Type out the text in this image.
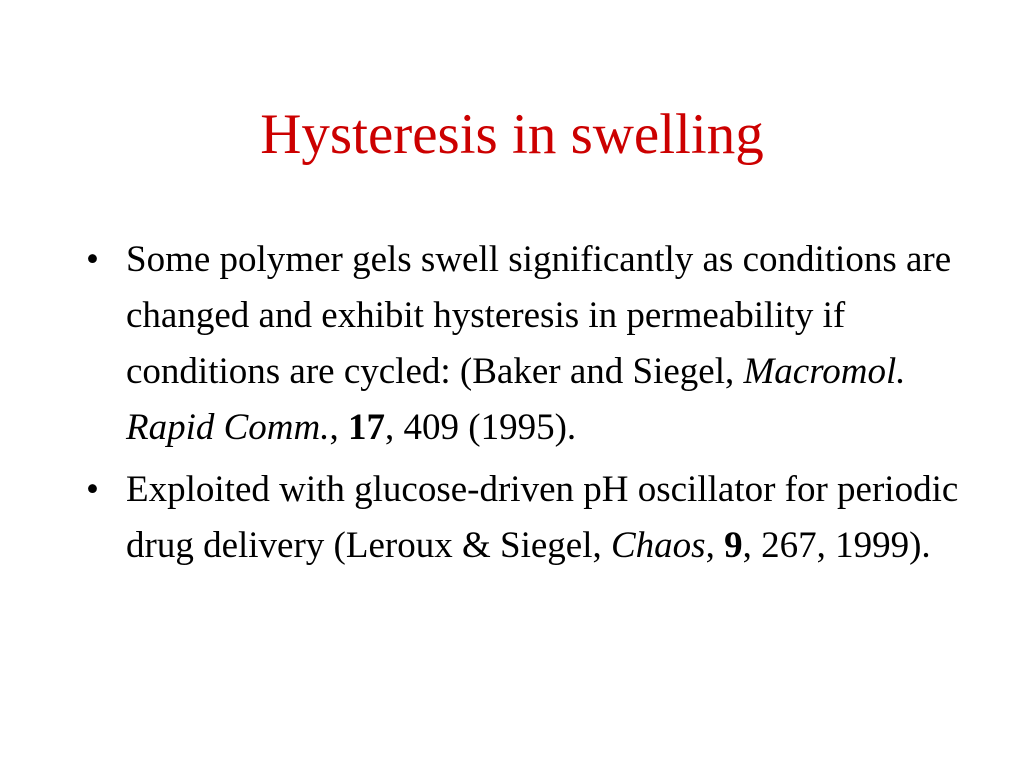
Hysteresis in swelling
• Some polymer gels swell significantly as conditions are changed and exhibit hysteresis in permeability if conditions are cycled: (Baker and Siegel, Macromol. Rapid Comm., 17, 409 (1995).
• Exploited with glucose-driven pH oscillator for periodic drug delivery (Leroux & Siegel, Chaos, 9, 267, 1999).
